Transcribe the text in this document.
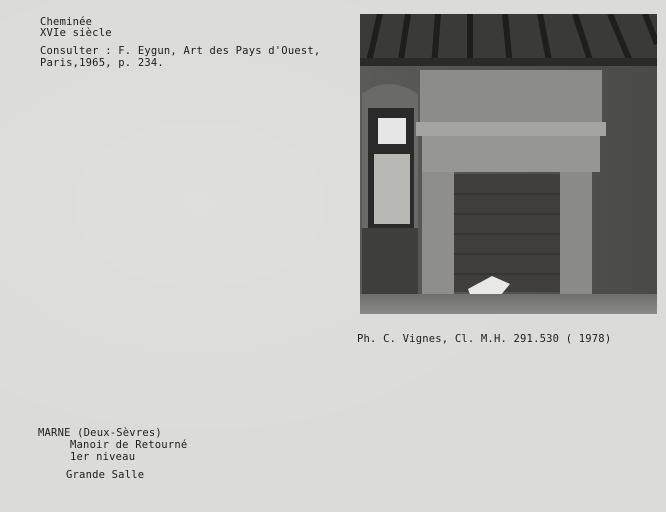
Cheminée
XVIe siècle
Consulter : F. Eygun, Art des Pays d'Ouest,
Paris,1965, p. 234.
Ph. C. Vignes, Cl. M.H. 291.530 ( 1978)
MARNE (Deux-Sèvres)
Manoir de Retourné
1er niveau
Grande Salle
